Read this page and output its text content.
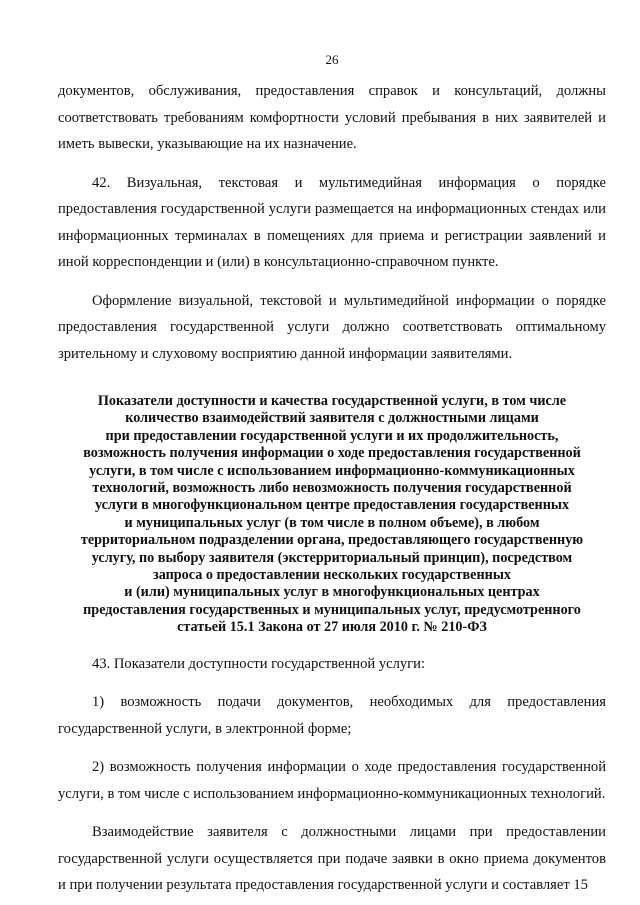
26

документов, обслуживания, предоставления справок и консультаций, должны соответствовать требованиям комфортности условий пребывания в них заявителей и иметь вывески, указывающие на их назначение.

42. Визуальная, текстовая и мультимедийная информация о порядке предоставления государственной услуги размещается на информационных стендах или информационных терминалах в помещениях для приема и регистрации заявлений и иной корреспонденции и (или) в консультационно-справочном пункте.

Оформление визуальной, текстовой и мультимедийной информации о порядке предоставления государственной услуги должно соответствовать оптимальному зрительному и слуховому восприятию данной информации заявителями.

Показатели доступности и качества государственной услуги, в том числе
количество взаимодействий заявителя с должностными лицами
при предоставлении государственной услуги и их продолжительность,
возможность получения информации о ходе предоставления государственной
услуги, в том числе с использованием информационно-коммуникационных
технологий, возможность либо невозможность получения государственной
услуги в многофункциональном центре предоставления государственных
и муниципальных услуг (в том числе в полном объеме), в любом
территориальном подразделении органа, предоставляющего государственную
услугу, по выбору заявителя (экстерриториальный принцип), посредством
запроса о предоставлении нескольких государственных
и (или) муниципальных услуг в многофункциональных центрах
предоставления государственных и муниципальных услуг, предусмотренного
статьей 15.1 Закона от 27 июля 2010 г. № 210-ФЗ

43. Показатели доступности государственной услуги:

1) возможность подачи документов, необходимых для предоставления государственной услуги, в электронной форме;

2) возможность получения информации о ходе предоставления государственной услуги, в том числе с использованием информационно-коммуникационных технологий.

Взаимодействие заявителя с должностными лицами при предоставлении государственной услуги осуществляется при подаче заявки в окно приема документов и при получении результата предоставления государственной услуги и составляет 15
